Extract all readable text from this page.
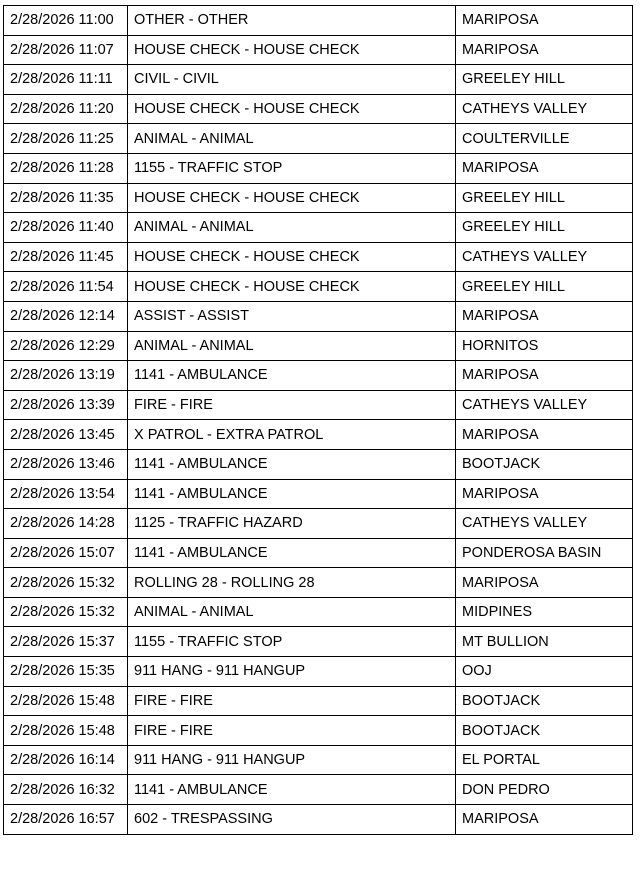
2/28/2026 11:00	OTHER - OTHER	MARIPOSA
2/28/2026 11:07	HOUSE CHECK - HOUSE CHECK	MARIPOSA
2/28/2026 11:11	CIVIL - CIVIL	GREELEY HILL
2/28/2026 11:20	HOUSE CHECK - HOUSE CHECK	CATHEYS VALLEY
2/28/2026 11:25	ANIMAL - ANIMAL	COULTERVILLE
2/28/2026 11:28	1155 - TRAFFIC STOP	MARIPOSA
2/28/2026 11:35	HOUSE CHECK - HOUSE CHECK	GREELEY HILL
2/28/2026 11:40	ANIMAL - ANIMAL	GREELEY HILL
2/28/2026 11:45	HOUSE CHECK - HOUSE CHECK	CATHEYS VALLEY
2/28/2026 11:54	HOUSE CHECK - HOUSE CHECK	GREELEY HILL
2/28/2026 12:14	ASSIST - ASSIST	MARIPOSA
2/28/2026 12:29	ANIMAL - ANIMAL	HORNITOS
2/28/2026 13:19	1141 - AMBULANCE	MARIPOSA
2/28/2026 13:39	FIRE - FIRE	CATHEYS VALLEY
2/28/2026 13:45	X PATROL - EXTRA PATROL	MARIPOSA
2/28/2026 13:46	1141 - AMBULANCE	BOOTJACK
2/28/2026 13:54	1141 - AMBULANCE	MARIPOSA
2/28/2026 14:28	1125 - TRAFFIC HAZARD	CATHEYS VALLEY
2/28/2026 15:07	1141 - AMBULANCE	PONDEROSA BASIN
2/28/2026 15:32	ROLLING 28 - ROLLING 28	MARIPOSA
2/28/2026 15:32	ANIMAL - ANIMAL	MIDPINES
2/28/2026 15:37	1155 - TRAFFIC STOP	MT BULLION
2/28/2026 15:35	911 HANG - 911 HANGUP	OOJ
2/28/2026 15:48	FIRE - FIRE	BOOTJACK
2/28/2026 15:48	FIRE - FIRE	BOOTJACK
2/28/2026 16:14	911 HANG - 911 HANGUP	EL PORTAL
2/28/2026 16:32	1141 - AMBULANCE	DON PEDRO
2/28/2026 16:57	602 - TRESPASSING	MARIPOSA
